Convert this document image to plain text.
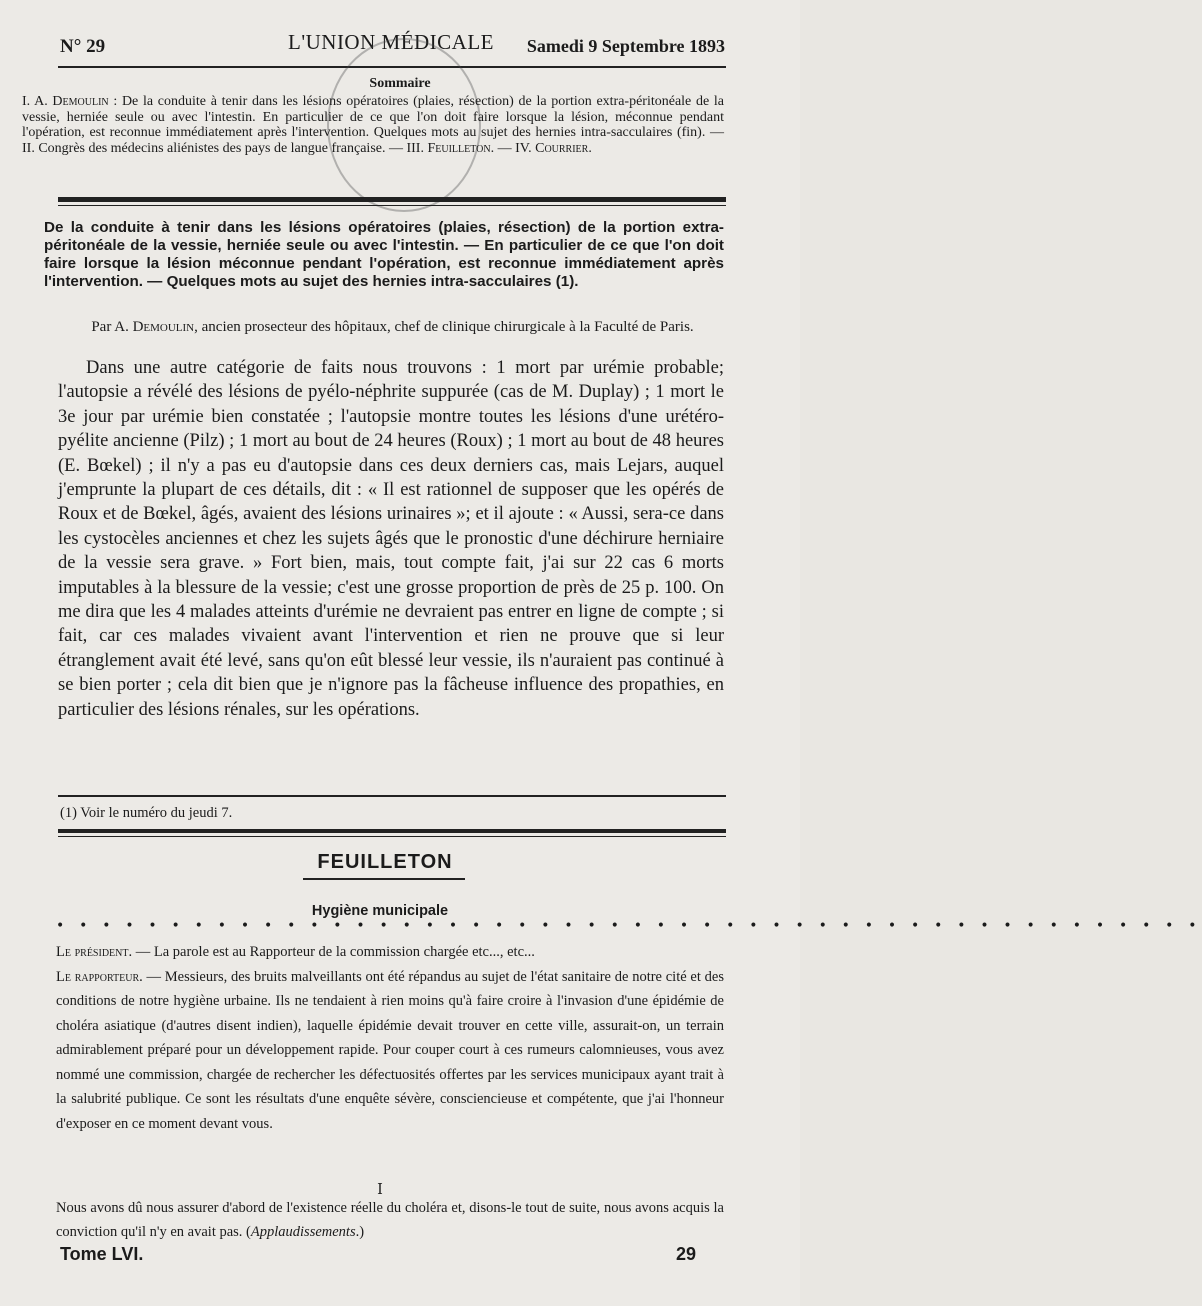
N° 29	L'UNION MÉDICALE Samedi 9 Septembre 1893
Sommaire
I. A. Demoulin : De la conduite à tenir dans les lésions opératoires (plaies, résection) de la portion extra-péritonéale de la vessie, herniée seule ou avec l'intestin. En particulier de ce que l'on doit faire lorsque la lésion, méconnue pendant l'opération, est reconnue immédiatement après l'intervention. Quelques mots au sujet des hernies intra-sacculaires (fin). — II. Congrès des médecins aliénistes des pays de langue française. — III. Feuilleton. — IV. Courrier.
De la conduite à tenir dans les lésions opératoires (plaies, résection) de la portion extra-péritonéale de la vessie, herniée seule ou avec l'intestin. — En particulier de ce que l'on doit faire lorsque la lésion méconnue pendant l'opération, est reconnue immédiatement après l'intervention. — Quelques mots au sujet des hernies intra-sacculaires (1).
Par A. Demoulin, ancien prosecteur des hôpitaux, chef de clinique chirurgicale à la Faculté de Paris.
Dans une autre catégorie de faits nous trouvons : 1 mort par urémie probable; l'autopsie a révélé des lésions de pyélo-néphrite suppurée (cas de M. Duplay) ; 1 mort le 3e jour par urémie bien constatée ; l'autopsie montre toutes les lésions d'une urétéro-pyélite ancienne (Pilz) ; 1 mort au bout de 24 heures (Roux) ; 1 mort au bout de 48 heures (E. Bœkel) ; il n'y a pas eu d'autopsie dans ces deux derniers cas, mais Lejars, auquel j'emprunte la plupart de ces détails, dit : « Il est rationnel de supposer que les opérés de Roux et de Bœkel, âgés, avaient des lésions urinaires »; et il ajoute : « Aussi, sera-ce dans les cystocèles anciennes et chez les sujets âgés que le pronostic d'une déchirure herniaire de la vessie sera grave. » Fort bien, mais, tout compte fait, j'ai sur 22 cas 6 morts imputables à la blessure de la vessie; c'est une grosse proportion de près de 25 p. 100. On me dira que les 4 malades atteints d'urémie ne devraient pas entrer en ligne de compte ; si fait, car ces malades vivaient avant l'intervention et rien ne prouve que si leur étranglement avait été levé, sans qu'on eût blessé leur vessie, ils n'auraient pas continué à se bien porter ; cela dit bien que je n'ignore pas la fâcheuse influence des propathies, en particulier des lésions rénales, sur les opérations.
(1) Voir le numéro du jeudi 7.
FEUILLETON
Hygiène municipale
• • • • • • • • • • • • • • • • • • • • • • • • • • • • • • • • • • • • • • • • • • • • • • • • • •

Le président. — La parole est au Rapporteur de la commission chargée etc..., etc...

Le rapporteur. — Messieurs, des bruits malveillants ont été répandus au sujet de l'état sanitaire de notre cité et des conditions de notre hygiène urbaine. Ils ne tendaient à rien moins qu'à faire croire à l'invasion d'une épidémie de choléra asiatique (d'autres disent indien), laquelle épidémie devait trouver en cette ville, assurait-on, un terrain admirablement préparé pour un développement rapide. Pour couper court à ces rumeurs calomnieuses, vous avez nommé une commission, chargée de rechercher les défectuosités offertes par les services municipaux ayant trait à la salubrité publique. Ce sont les résultats d'une enquête sévère, consciencieuse et compétente, que j'ai l'honneur d'exposer en ce moment devant vous.

I
Nous avons dû nous assurer d'abord de l'existence réelle du choléra et, disons-le tout de suite, nous avons acquis la conviction qu'il n'y en avait pas. (Applaudissements.)
Tome LVI.	29
